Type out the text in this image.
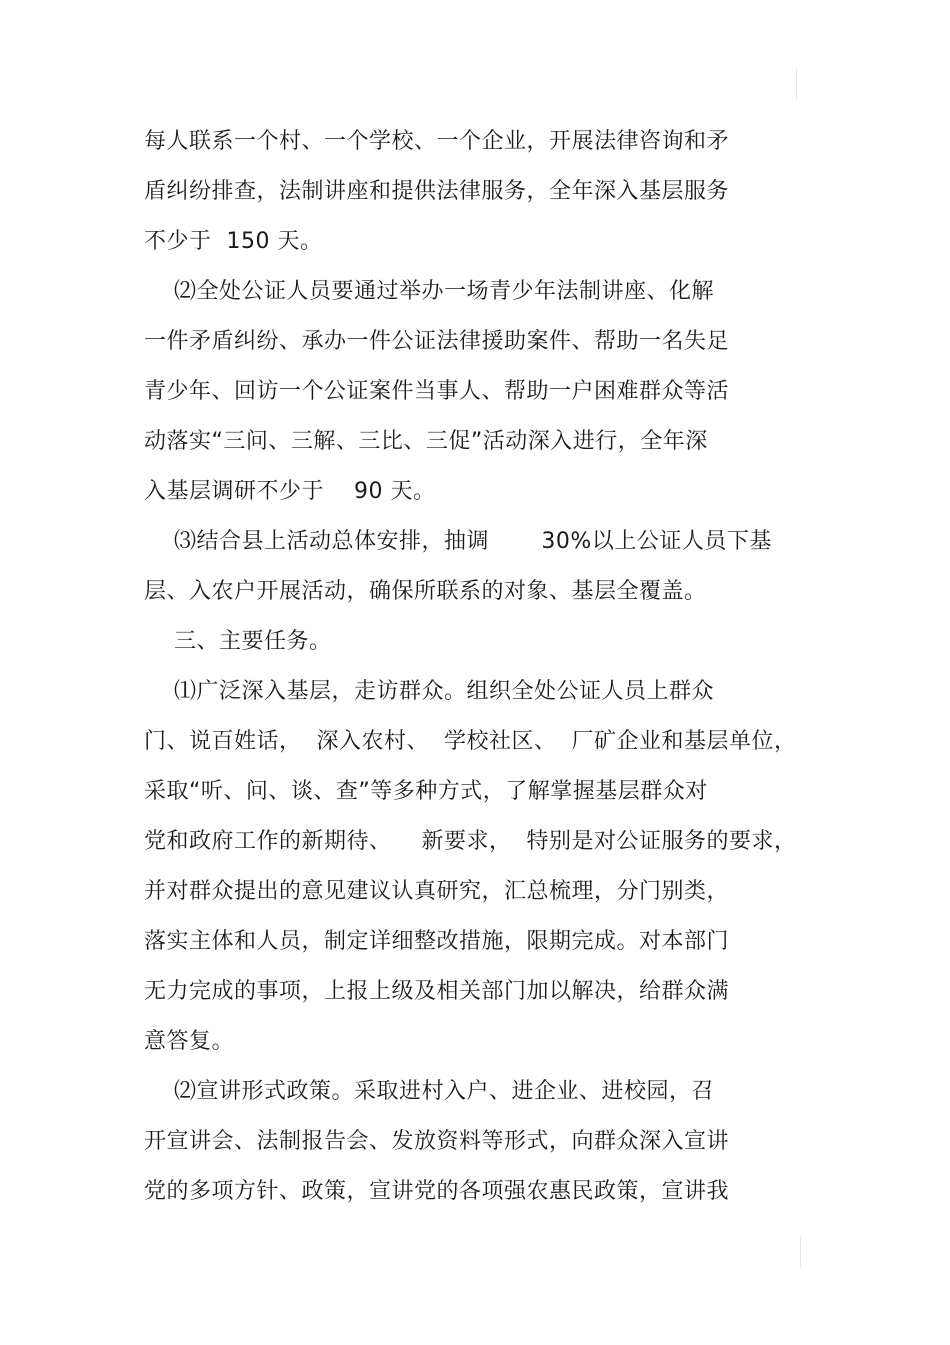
每人联系一个村、一个学校、一个企业，开展法律咨询和矛
盾纠纷排查，法制讲座和提供法律服务，全年深入基层服务
不少于  150 天。
⑵全处公证人员要通过举办一场青少年法制讲座、化解
一件矛盾纠纷、承办一件公证法律援助案件、帮助一名失足
青少年、回访一个公证案件当事人、帮助一户困难群众等活
动落实“三问、三解、三比、三促”活动深入进行，全年深
入基层调研不少于    90 天。
⑶结合县上活动总体安排，抽调       30%以上公证人员下基
层、入农户开展活动，确保所联系的对象、基层全覆盖。
三、主要任务。
⑴广泛深入基层，走访群众。组织全处公证人员上群众
门、说百姓话，  深入农村、  学校社区、  厂矿企业和基层单位，
采取“听、问、谈、查”等多种方式，了解掌握基层群众对
党和政府工作的新期待、    新要求，  特别是对公证服务的要求，
并对群众提出的意见建议认真研究，汇总梳理，分门别类，
落实主体和人员，制定详细整改措施，限期完成。对本部门
无力完成的事项，上报上级及相关部门加以解决，给群众满
意答复。
⑵宣讲形式政策。采取进村入户、进企业、进校园，召
开宣讲会、法制报告会、发放资料等形式，向群众深入宣讲
党的多项方针、政策，宣讲党的各项强农惠民政策，宣讲我
